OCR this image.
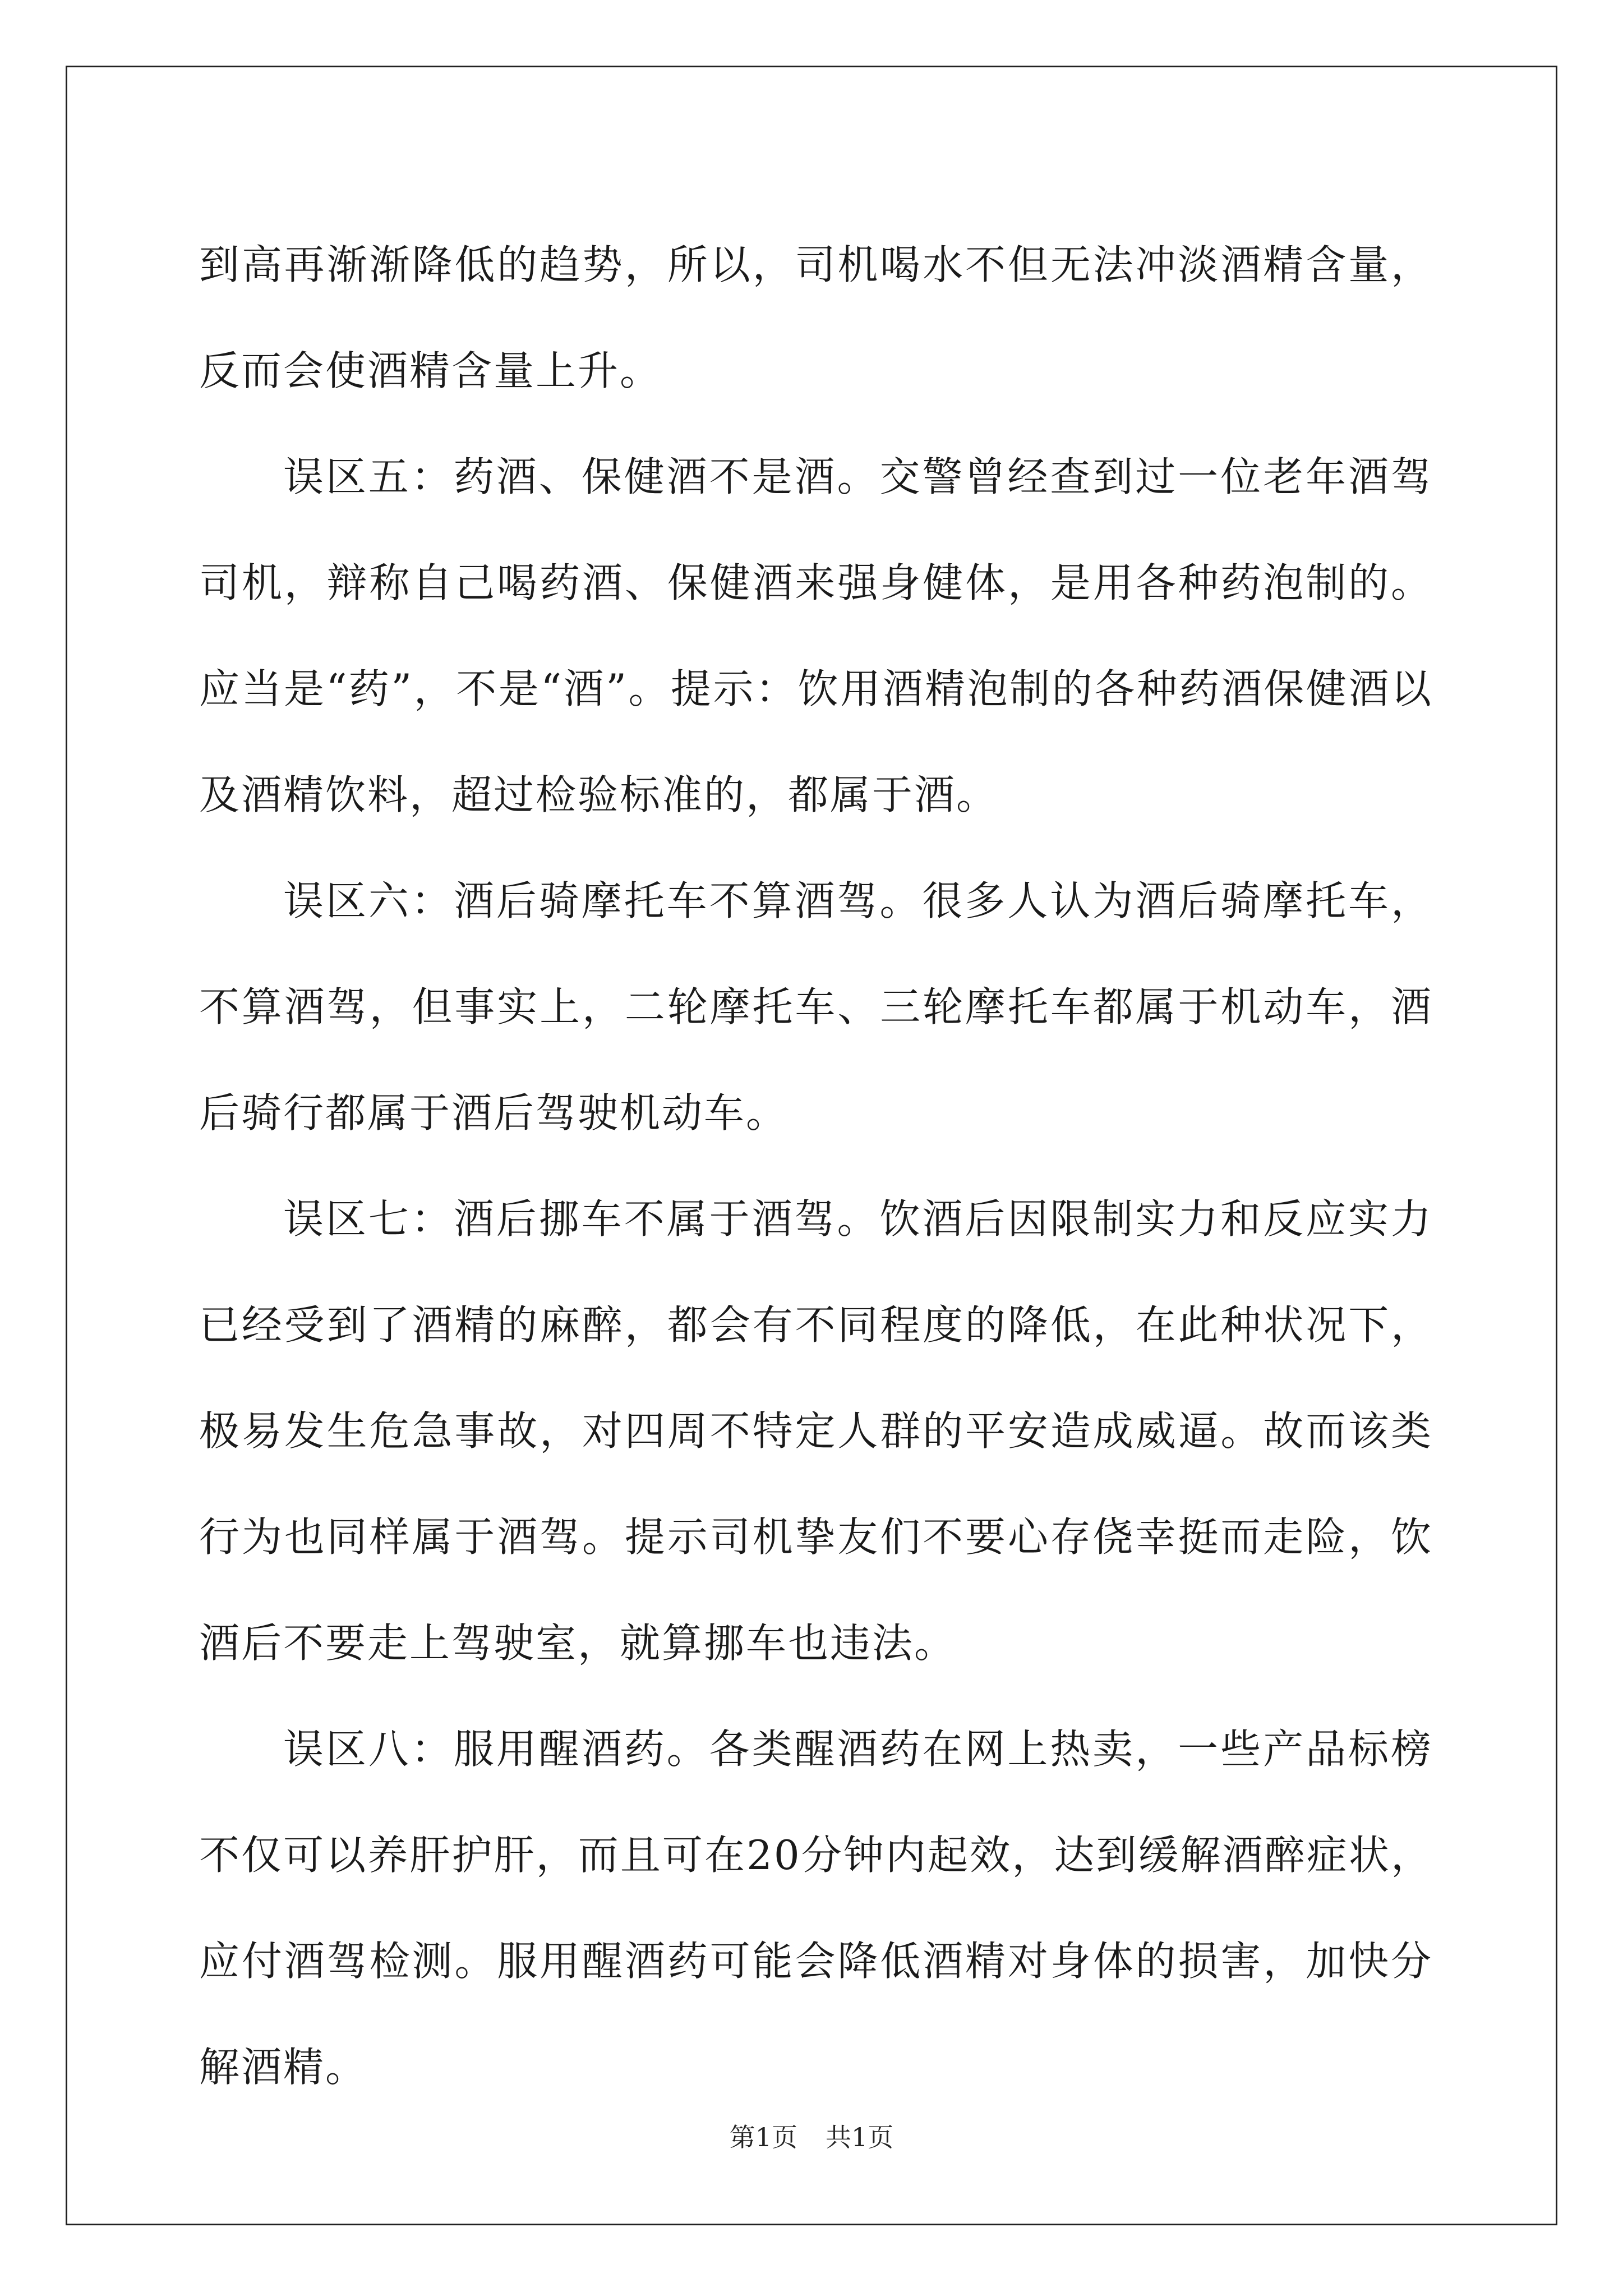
到高再渐渐降低的趋势，所以，司机喝水不但无法冲淡酒精含量，反而会使酒精含量上升。

误区五：药酒、保健酒不是酒。交警曾经查到过一位老年酒驾司机，辩称自己喝药酒、保健酒来强身健体，是用各种药泡制的。应当是“药”，不是“酒”。提示：饮用酒精泡制的各种药酒保健酒以及酒精饮料，超过检验标准的，都属于酒。

误区六：酒后骑摩托车不算酒驾。很多人认为酒后骑摩托车，不算酒驾，但事实上，二轮摩托车、三轮摩托车都属于机动车，酒后骑行都属于酒后驾驶机动车。

误区七：酒后挪车不属于酒驾。饮酒后因限制实力和反应实力已经受到了酒精的麻醉，都会有不同程度的降低，在此种状况下，极易发生危急事故，对四周不特定人群的平安造成威逼。故而该类行为也同样属于酒驾。提示司机挚友们不要心存侥幸挺而走险，饮酒后不要走上驾驶室，就算挪车也违法。

误区八：服用醒酒药。各类醒酒药在网上热卖，一些产品标榜不仅可以养肝护肝，而且可在20分钟内起效，达到缓解酒醉症状，应付酒驾检测。服用醒酒药可能会降低酒精对身体的损害，加快分解酒精。

第1页 共1页
